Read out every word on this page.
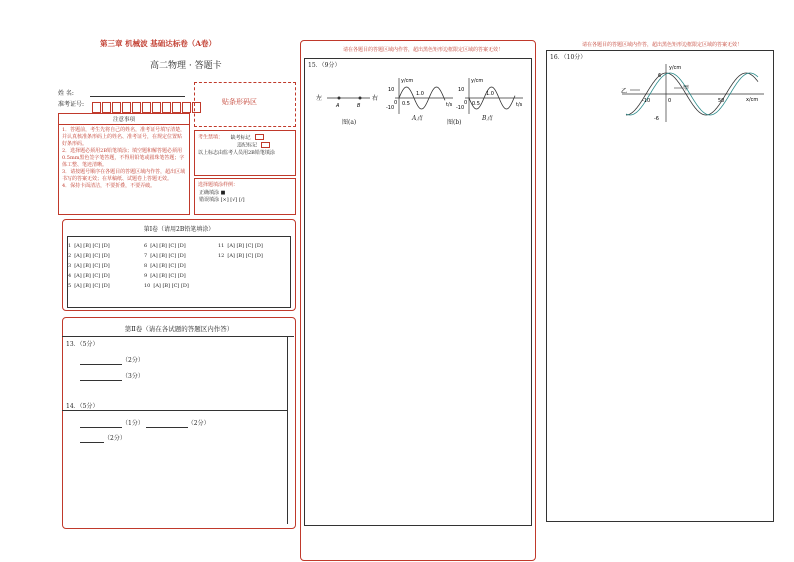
第三章 机械波 基础达标卷（A卷）
高二物理 · 答题卡
姓 名:
准考证号:
注意事项
1．答题前，考生先将自己的姓名，准考证号填写清楚，并认真核准条形码上的姓名、准考证号，在规定位置贴好条形码。
2．选择题必须用2B铅笔填涂；填空题和解答题必须用0.5mm黑色签字笔答题，不得用铅笔或圆珠笔答题；字体工整、笔迹清晰。
3．请按题号顺序在各题目的答题区域内作答，超出区域书写的答案无效；在草稿纸、试题卷上答题无效。
4．保持卡面清洁，不要折叠，不要弄破。
贴条形码区
考生禁填： 缺考标记
违纪标记
以上标志由监考人员用2B铅笔填涂
选择题填涂样例：
正确填涂 ■
错误填涂 [×] [√] [/]
第Ⅰ卷（请用2B铅笔填涂）
1 [A] [B] [C] [D]
2 [A] [B] [C] [D]
3 [A] [B] [C] [D]
4 [A] [B] [C] [D]
5 [A] [B] [C] [D]
6 [A] [B] [C] [D]
7 [A] [B] [C] [D]
8 [A] [B] [C] [D]
9 [A] [B] [C] [D]
10 [A] [B] [C] [D]
11 [A] [B] [C] [D]
12 [A] [B] [C] [D]
第Ⅱ卷（请在各试题的答题区内作答）
13．（5分）
（2分）
（3分）
14．（5分）
（1分）	（2分）
（2分）
请在各题目的答题区域内作答，超出黑色矩形边框限定区域的答案无效！
15．（9分）
左	右
A	B
图(a)
y/cm
t/s
10
-10
0 0.5
1.0
A点
图(b)
y/cm
t/s
10
-10
0 0.5
1.0
B点
请在各题目的答题区域内作答，超出黑色矩形边框限定区域的答案无效！
16．（10分）
y/cm
x/cm
6
-6
-10	0	50
乙	甲
